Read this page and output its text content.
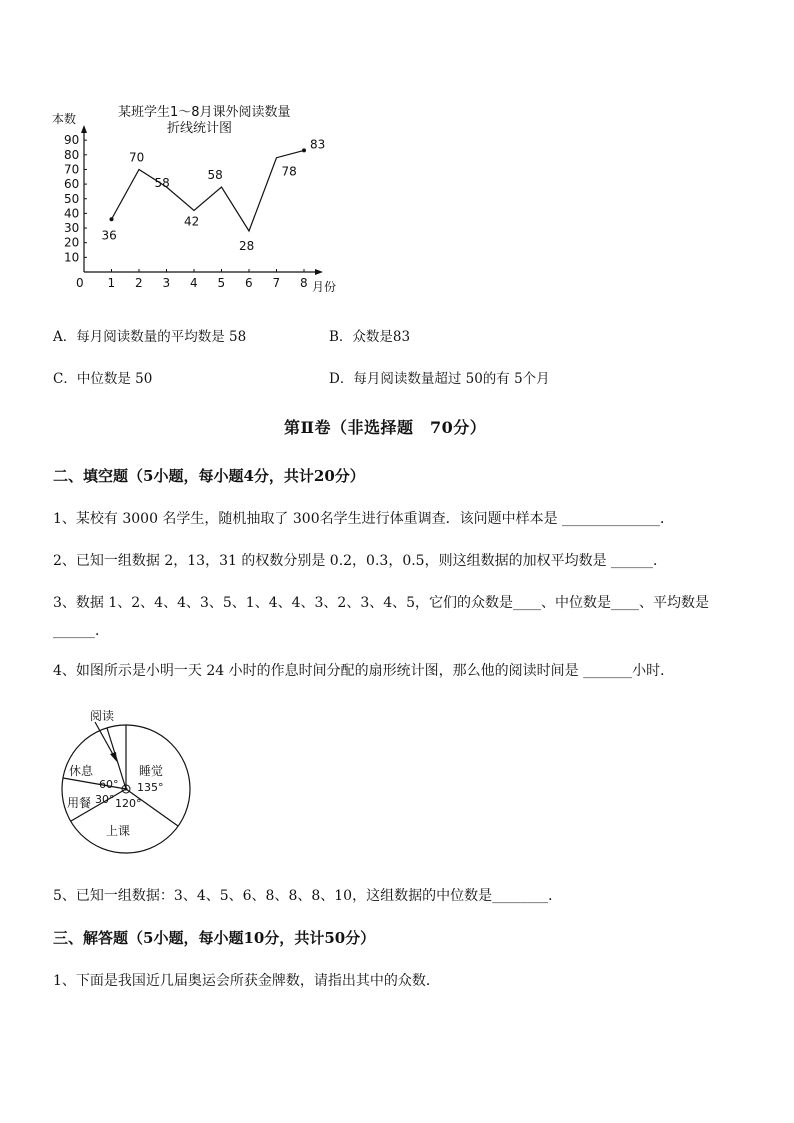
某班学生1～8月课外阅读数量
折线统计图
本数
月份
10
20
30
40
50
60
70
80
90
0 1 2 3 4 5 6 7 8
36
70
58
42
58
28
78
83
A．每月阅读数量的平均数是 58	B．众数是83
C．中位数是 50	D．每月阅读数量超过 50的有 5个月
第Ⅱ卷（非选择题　70分）
二、填空题（5小题，每小题4分，共计20分）
1、某校有 3000 名学生，随机抽取了 300名学生进行体重调查．该问题中样本是 ______________．
2、已知一组数据 2，13，31 的权数分别是 0.2，0.3，0.5，则这组数据的加权平均数是 ______．
3、数据 1、2、4、4、3、5、1、4、4、3、2、3、4、5，它们的众数是____、中位数是____、平均数是
______．
4、如图所示是小明一天 24 小时的作息时间分配的扇形统计图，那么他的阅读时间是 _______小时．
阅读
休息
60°
用餐 30°
睡觉
135°
120°
上课
5、已知一组数据：3、4、5、6、8、8、8、10，这组数据的中位数是________．
三、解答题（5小题，每小题10分，共计50分）
1、下面是我国近几届奥运会所获金牌数，请指出其中的众数．
